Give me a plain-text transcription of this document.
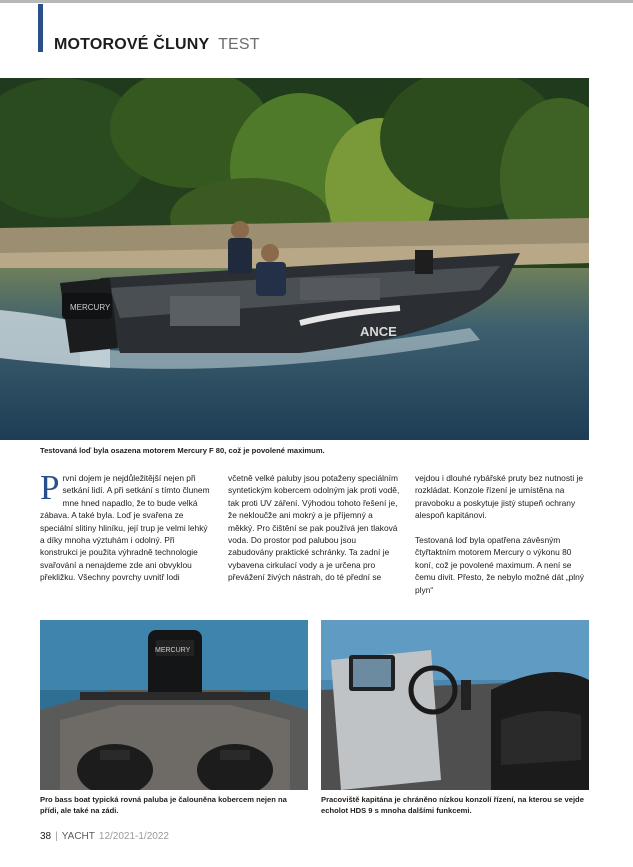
MOTOROVÉ ČLUNY TEST
MERCURY
ANCE
Testovaná loď byla osazena motorem Mercury F 80, což je povolené maximum.

První dojem je nejdůležitější nejen při setkání lidí. A při setkání s tímto člunem mne hned napadlo, že to bude velká zábava. A také byla. Loď je svařena ze speciální slitiny hliníku, její trup je velmi lehký a díky mnoha výztuhám i odolný. Při konstrukci je použita výhradně technologie svařování a nenajdeme zde ani obvyklou překližku. Všechny povrchy uvnitř lodi

včetně velké paluby jsou potaženy speciálním syntetickým kobercem odolným jak proti vodě, tak proti UV záření. Výhodou tohoto řešení je, že nekloučže ani mokrý a je příjemný a měkký. Pro čištění se pak používá jen tlaková voda. Do prostor pod palubou jsou zabudovány praktické schránky. Ta zadní je vybavena cirkulací vody a je určena pro převážení živých nástrah, do té přední se

vejdou i dlouhé rybářské pruty bez nutnosti je rozkládat. Konzole řízení je umístěna na pravoboku a poskytuje jistý stupeň ochrany alespoň kapitánovi.

Testovaná loď byla opatřena závěsným čtyřtaktním motorem Mercury o výkonu 80 koní, což je povolené maximum. A není se čemu divit. Přesto, že nebylo možné dát „plný plyn“

MERCURY
Pro bass boat typická rovná paluba je čalouněna kobercem nejen na přídi, ale také na zádi.
Pracoviště kapitána je chráněno nízkou konzolí řízení, na kterou se vejde echolot HDS 9 s mnoha dalšími funkcemi.
38 | YACHT 12/2021-1/2022
